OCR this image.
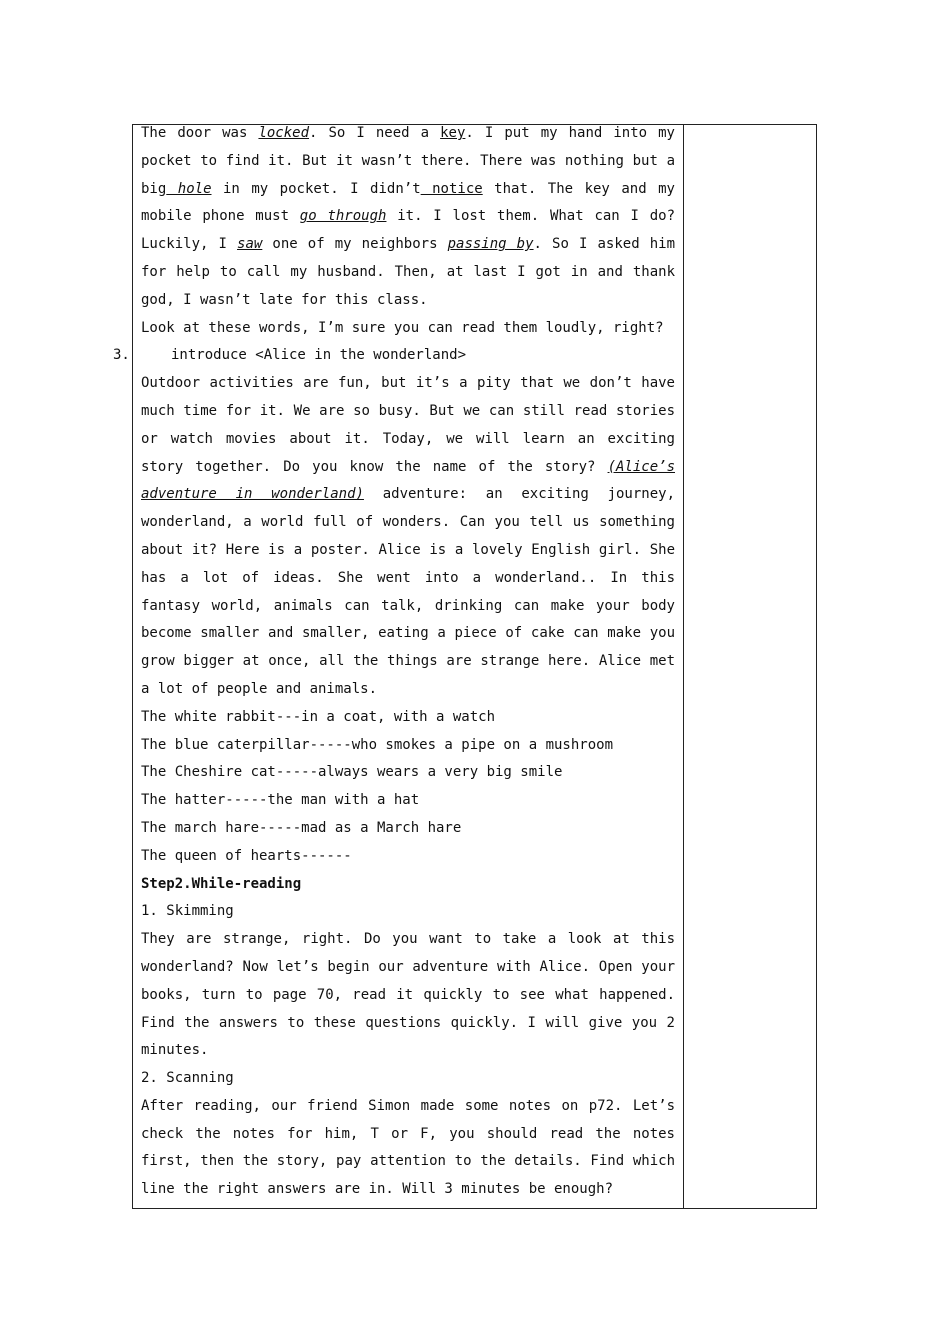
3.

The door was locked. So I need a key. I put my hand into my pocket to find it. But it wasn’t there. There was nothing but a big hole in my pocket. I didn’t notice that. The key and my mobile phone must go through it. I lost them. What can I do? Luckily, I saw one of my neighbors passing by. So I asked him for help to call my husband. Then, at last I got in and thank god, I wasn’t late for this class.

Look at these words, I’m sure you can read them loudly, right?

introduce <Alice in the wonderland>

Outdoor activities are fun, but it’s a pity that we don’t have much time for it. We are so busy. But we can still read stories or watch movies about it. Today, we will learn an exciting story together. Do you know the name of the story? (Alice’s adventure in wonderland) adventure: an exciting journey, wonderland, a world full of wonders. Can you tell us something about it? Here is a poster. Alice is a lovely English girl. She has a lot of ideas. She went into a wonderland.. In this fantasy world, animals can talk, drinking can make your body become smaller and smaller, eating a piece of cake can make you grow bigger at once, all the things are strange here. Alice met a lot of people and animals.

The white rabbit---in a coat, with a watch

The blue caterpillar-----who smokes a pipe on a mushroom

The Cheshire cat-----always wears a very big smile

The hatter-----the man with a hat

The march hare-----mad as a March hare

The queen of hearts------

Step2.While-reading

1. Skimming

They are strange, right. Do you want to take a look at this wonderland? Now let’s begin our adventure with Alice. Open your books, turn to page 70, read it quickly to see what happened. Find the answers to these questions quickly. I will give you 2 minutes.

2. Scanning

After reading, our friend Simon made some notes on p72. Let’s check the notes for him, T or F, you should read the notes first, then the story, pay attention to the details. Find which line the right answers are in. Will 3 minutes be enough?
